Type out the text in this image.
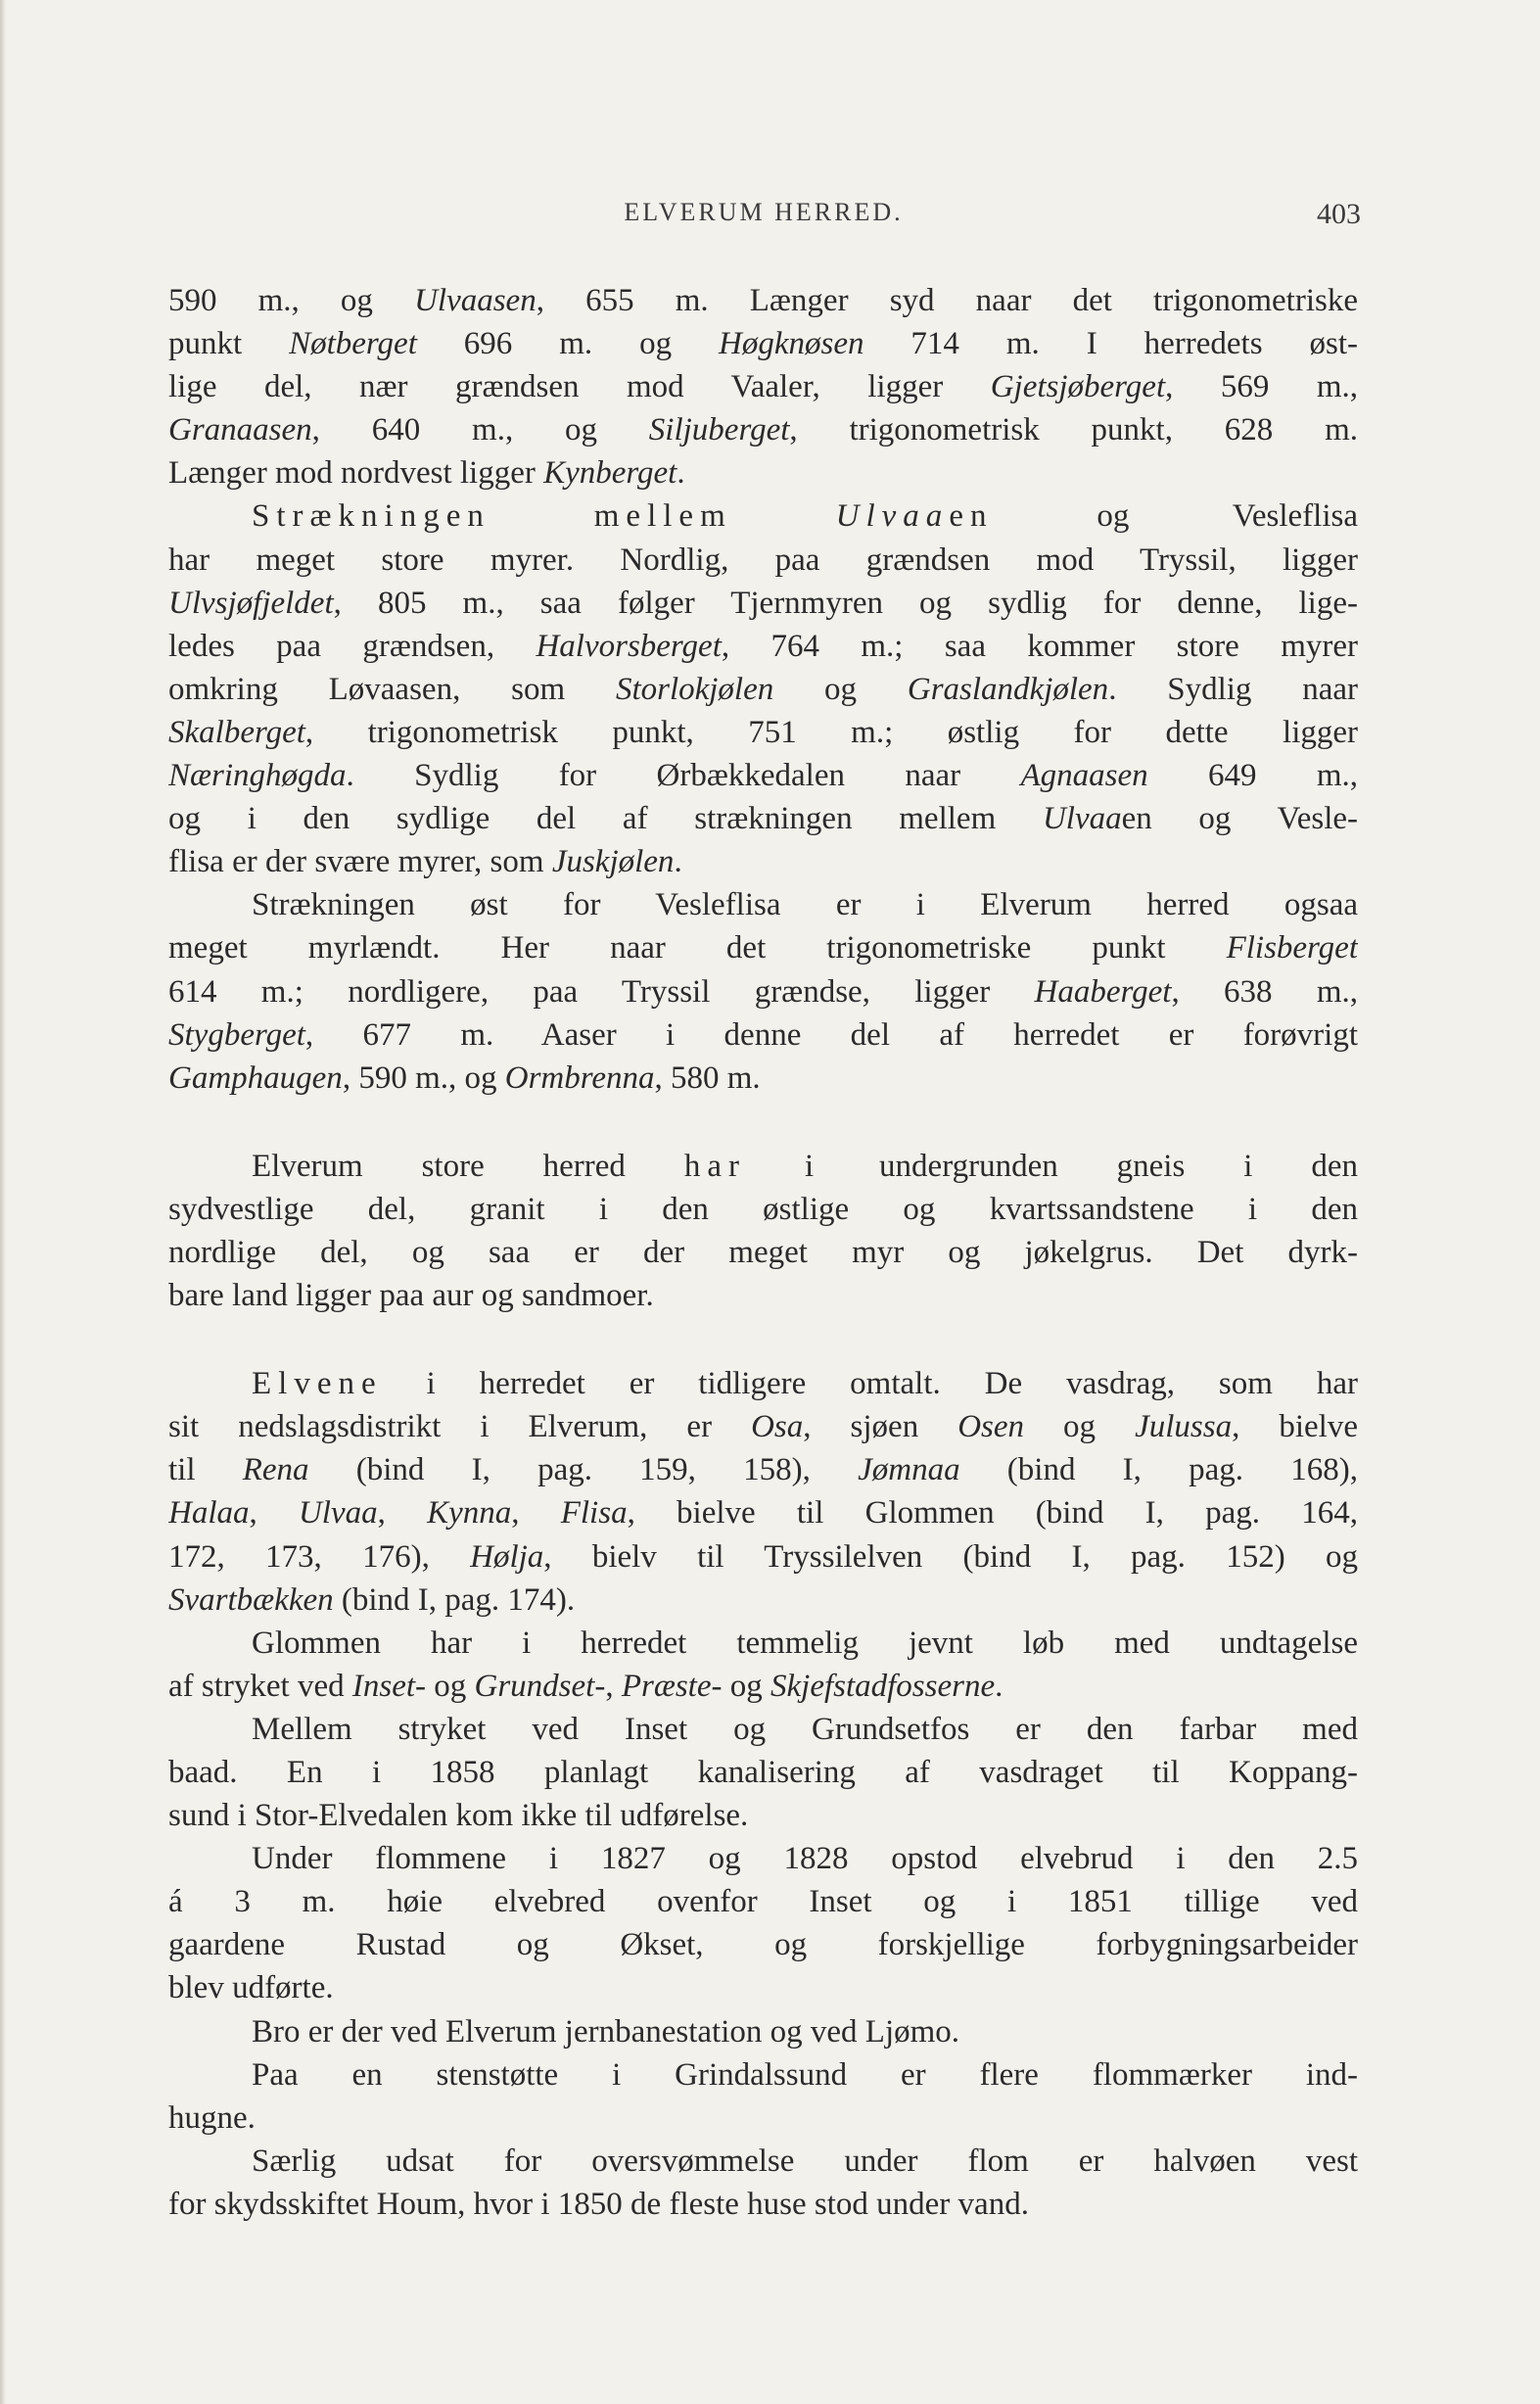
ELVERUM HERRED.	403
590 m., og Ulvaasen, 655 m. Længer syd naar det trigonometriske
punkt Nøtberget 696 m. og Høgknøsen 714 m. I herredets øst-
lige del, nær grændsen mod Vaaler, ligger Gjetsjøberget, 569 m.,
Granaasen, 640 m., og Siljuberget, trigonometrisk punkt, 628 m.
Længer mod nordvest ligger Kynberget.
Strækningen	mellem	Ulvaaen og Vesleflisa
har meget store myrer. Nordlig, paa grændsen mod Tryssil, ligger
Ulvsjøfjeldet, 805 m., saa følger Tjernmyren og sydlig for denne, lige-
ledes paa grændsen, Halvorsberget, 764 m.; saa kommer store myrer
omkring Løvaasen, som Storlokjølen og Graslandkjølen. Sydlig naar
Skalberget, trigonometrisk punkt, 751 m.; østlig for dette ligger
Næringhøgda. Sydlig for Ørbækkedalen naar Agnaasen 649 m.,
og i den sydlige del af strækningen mellem Ulvaaen og Vesle-
flisa er der svære myrer, som Juskjølen.
Strækningen øst for Vesleflisa er i Elverum herred ogsaa
meget myrlændt. Her naar det trigonometriske punkt Flisberget
614 m.; nordligere, paa Tryssil grændse, ligger Haaberget, 638 m.,
Stygberget, 677 m. Aaser i denne del af herredet er forøvrigt
Gamphaugen, 590 m., og Ormbrenna, 580 m.
Elverum store herred har i undergrunden gneis i den
sydvestlige del, granit i den østlige og kvartssandstene i den
nordlige del, og saa er der meget myr og jøkelgrus. Det dyrk-
bare land ligger paa aur og sandmoer.
Elvene i herredet er tidligere omtalt. De vasdrag, som har
sit nedslagsdistrikt i Elverum, er Osa, sjøen Osen og Julussa, bielve
til Rena (bind I, pag. 159, 158), Jømnaa (bind I, pag. 168),
Halaa, Ulvaa, Kynna, Flisa, bielve til Glommen (bind I, pag. 164,
172, 173, 176), Hølja, bielv til Tryssilelven (bind I, pag. 152) og
Svartbækken (bind I, pag. 174).
Glommen har i herredet temmelig jevnt løb med undtagelse
af stryket ved Inset- og Grundset-, Præste- og Skjefstadfosserne.
Mellem stryket ved Inset og Grundsetfos er den farbar med
baad. En i 1858 planlagt kanalisering af vasdraget til Koppang-
sund i Stor-Elvedalen kom ikke til udførelse.
Under flommene i 1827 og 1828 opstod elvebrud i den 2.5
á 3 m. høie elvebred ovenfor Inset og i 1851 tillige ved
gaardene Rustad og Økset, og forskjellige forbygningsarbeider
blev udførte.
Bro er der ved Elverum jernbanestation og ved Ljømo.
Paa en stenstøtte i Grindalssund er flere flommærker ind-
hugne.
Særlig udsat for oversvømmelse under flom er halvøen vest
for skydsskiftet Houm, hvor i 1850 de fleste huse stod under vand.
